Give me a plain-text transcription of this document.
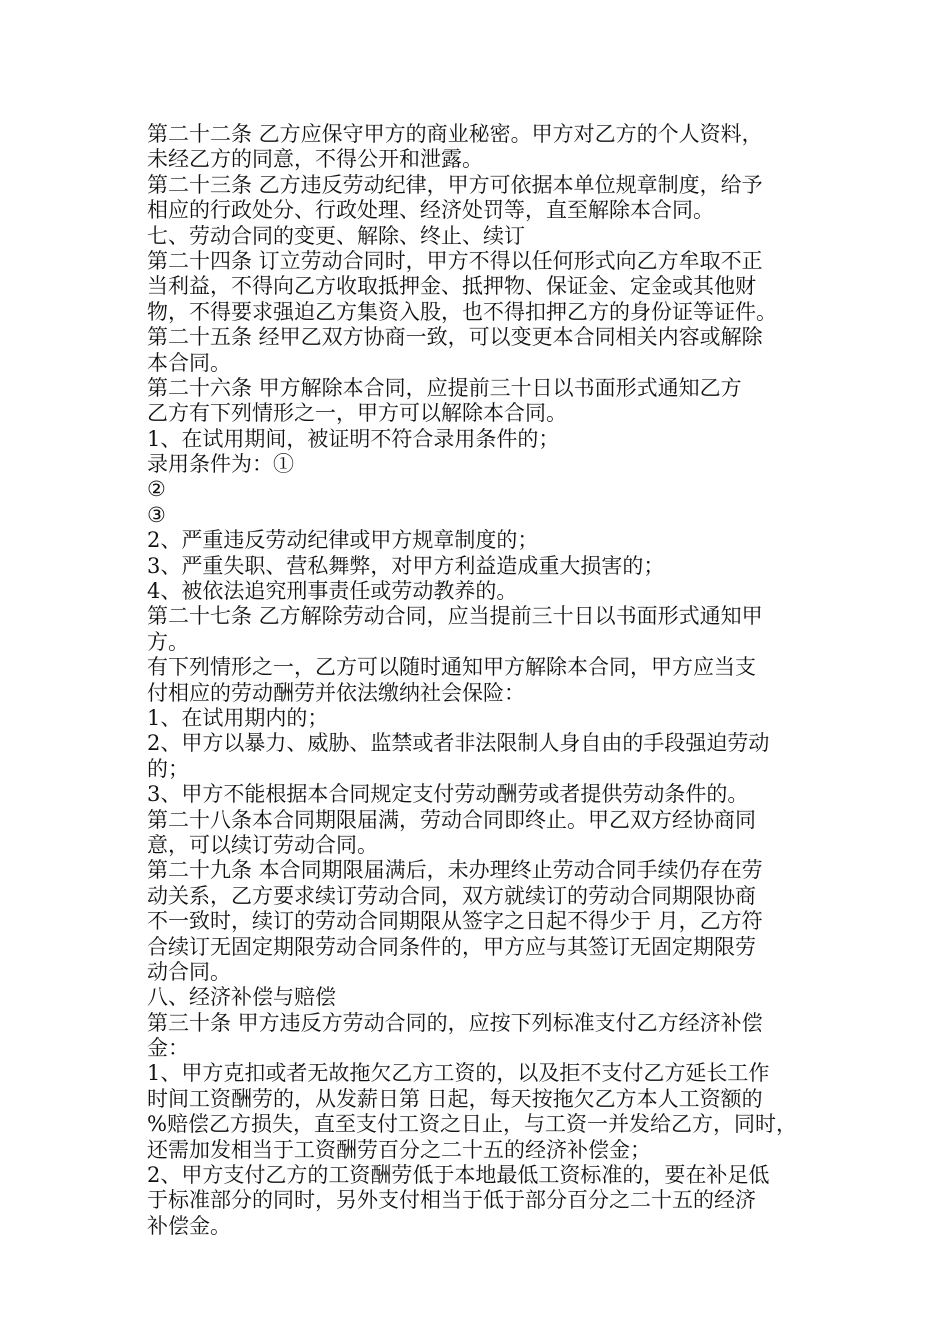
第二十二条 乙方应保守甲方的商业秘密。甲方对乙方的个人资料，

未经乙方的同意，不得公开和泄露。

第二十三条 乙方违反劳动纪律，甲方可依据本单位规章制度，给予

相应的行政处分、行政处理、经济处罚等，直至解除本合同。

七、劳动合同的变更、解除、终止、续订

第二十四条 订立劳动合同时，甲方不得以任何形式向乙方牟取不正

当利益，不得向乙方收取抵押金、抵押物、保证金、定金或其他财

物，不得要求强迫乙方集资入股，也不得扣押乙方的身份证等证件。

第二十五条 经甲乙双方协商一致，可以变更本合同相关内容或解除

本合同。

第二十六条 甲方解除本合同，应提前三十日以书面形式通知乙方

乙方有下列情形之一，甲方可以解除本合同。

1、在试用期间，被证明不符合录用条件的；

录用条件为：①

②

③

2、严重违反劳动纪律或甲方规章制度的；

3、严重失职、营私舞弊，对甲方利益造成重大损害的；

4、被依法追究刑事责任或劳动教养的。

第二十七条 乙方解除劳动合同，应当提前三十日以书面形式通知甲

方。

有下列情形之一，乙方可以随时通知甲方解除本合同，甲方应当支

付相应的劳动酬劳并依法缴纳社会保险：

1、在试用期内的；

2、甲方以暴力、威胁、监禁或者非法限制人身自由的手段强迫劳动

的；

3、甲方不能根据本合同规定支付劳动酬劳或者提供劳动条件的。

第二十八条本合同期限届满，劳动合同即终止。甲乙双方经协商同

意，可以续订劳动合同。

第二十九条 本合同期限届满后，未办理终止劳动合同手续仍存在劳

动关系，乙方要求续订劳动合同，双方就续订的劳动合同期限协商

不一致时，续订的劳动合同期限从签字之日起不得少于 月，乙方符

合续订无固定期限劳动合同条件的，甲方应与其签订无固定期限劳

动合同。

八、经济补偿与赔偿

第三十条 甲方违反方劳动合同的，应按下列标准支付乙方经济补偿

金：

1、甲方克扣或者无故拖欠乙方工资的，以及拒不支付乙方延长工作

时间工资酬劳的，从发薪日第 日起，每天按拖欠乙方本人工资额的

%赔偿乙方损失，直至支付工资之日止，与工资一并发给乙方，同时，

还需加发相当于工资酬劳百分之二十五的经济补偿金；

2、甲方支付乙方的工资酬劳低于本地最低工资标准的，要在补足低

于标准部分的同时，另外支付相当于低于部分百分之二十五的经济

补偿金。
